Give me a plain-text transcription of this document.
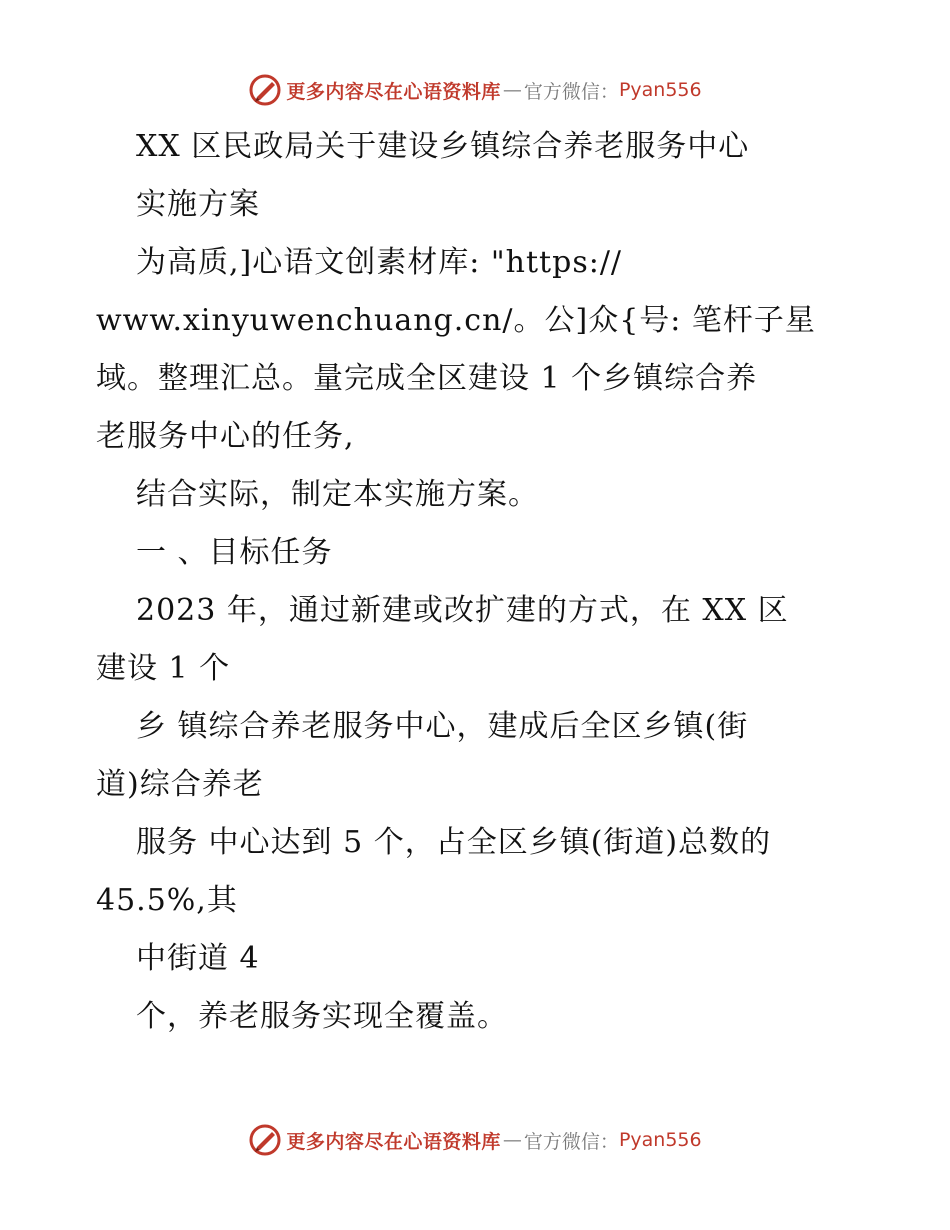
更多内容尽在心语资料库 — 官方微信： Pyan556
XX 区民政局关于建设乡镇综合养老服务中心
实施方案
为高质,]心语文创素材库: "https://
www.xinyuwenchuang.cn/。公]众{号: 笔杆子星
域。整理汇总。量完成全区建设 1 个乡镇综合养
老服务中心的任务,
结合实际，制定本实施方案。
一 、目标任务
2023 年，通过新建或改扩建的方式，在 XX 区
建设 1 个
乡 镇综合养老服务中心，建成后全区乡镇(街
道)综合养老
服务 中心达到 5 个，占全区乡镇(街道)总数的
45.5%,其
中街道 4
个，养老服务实现全覆盖。
更多内容尽在心语资料库 — 官方微信： Pyan556
